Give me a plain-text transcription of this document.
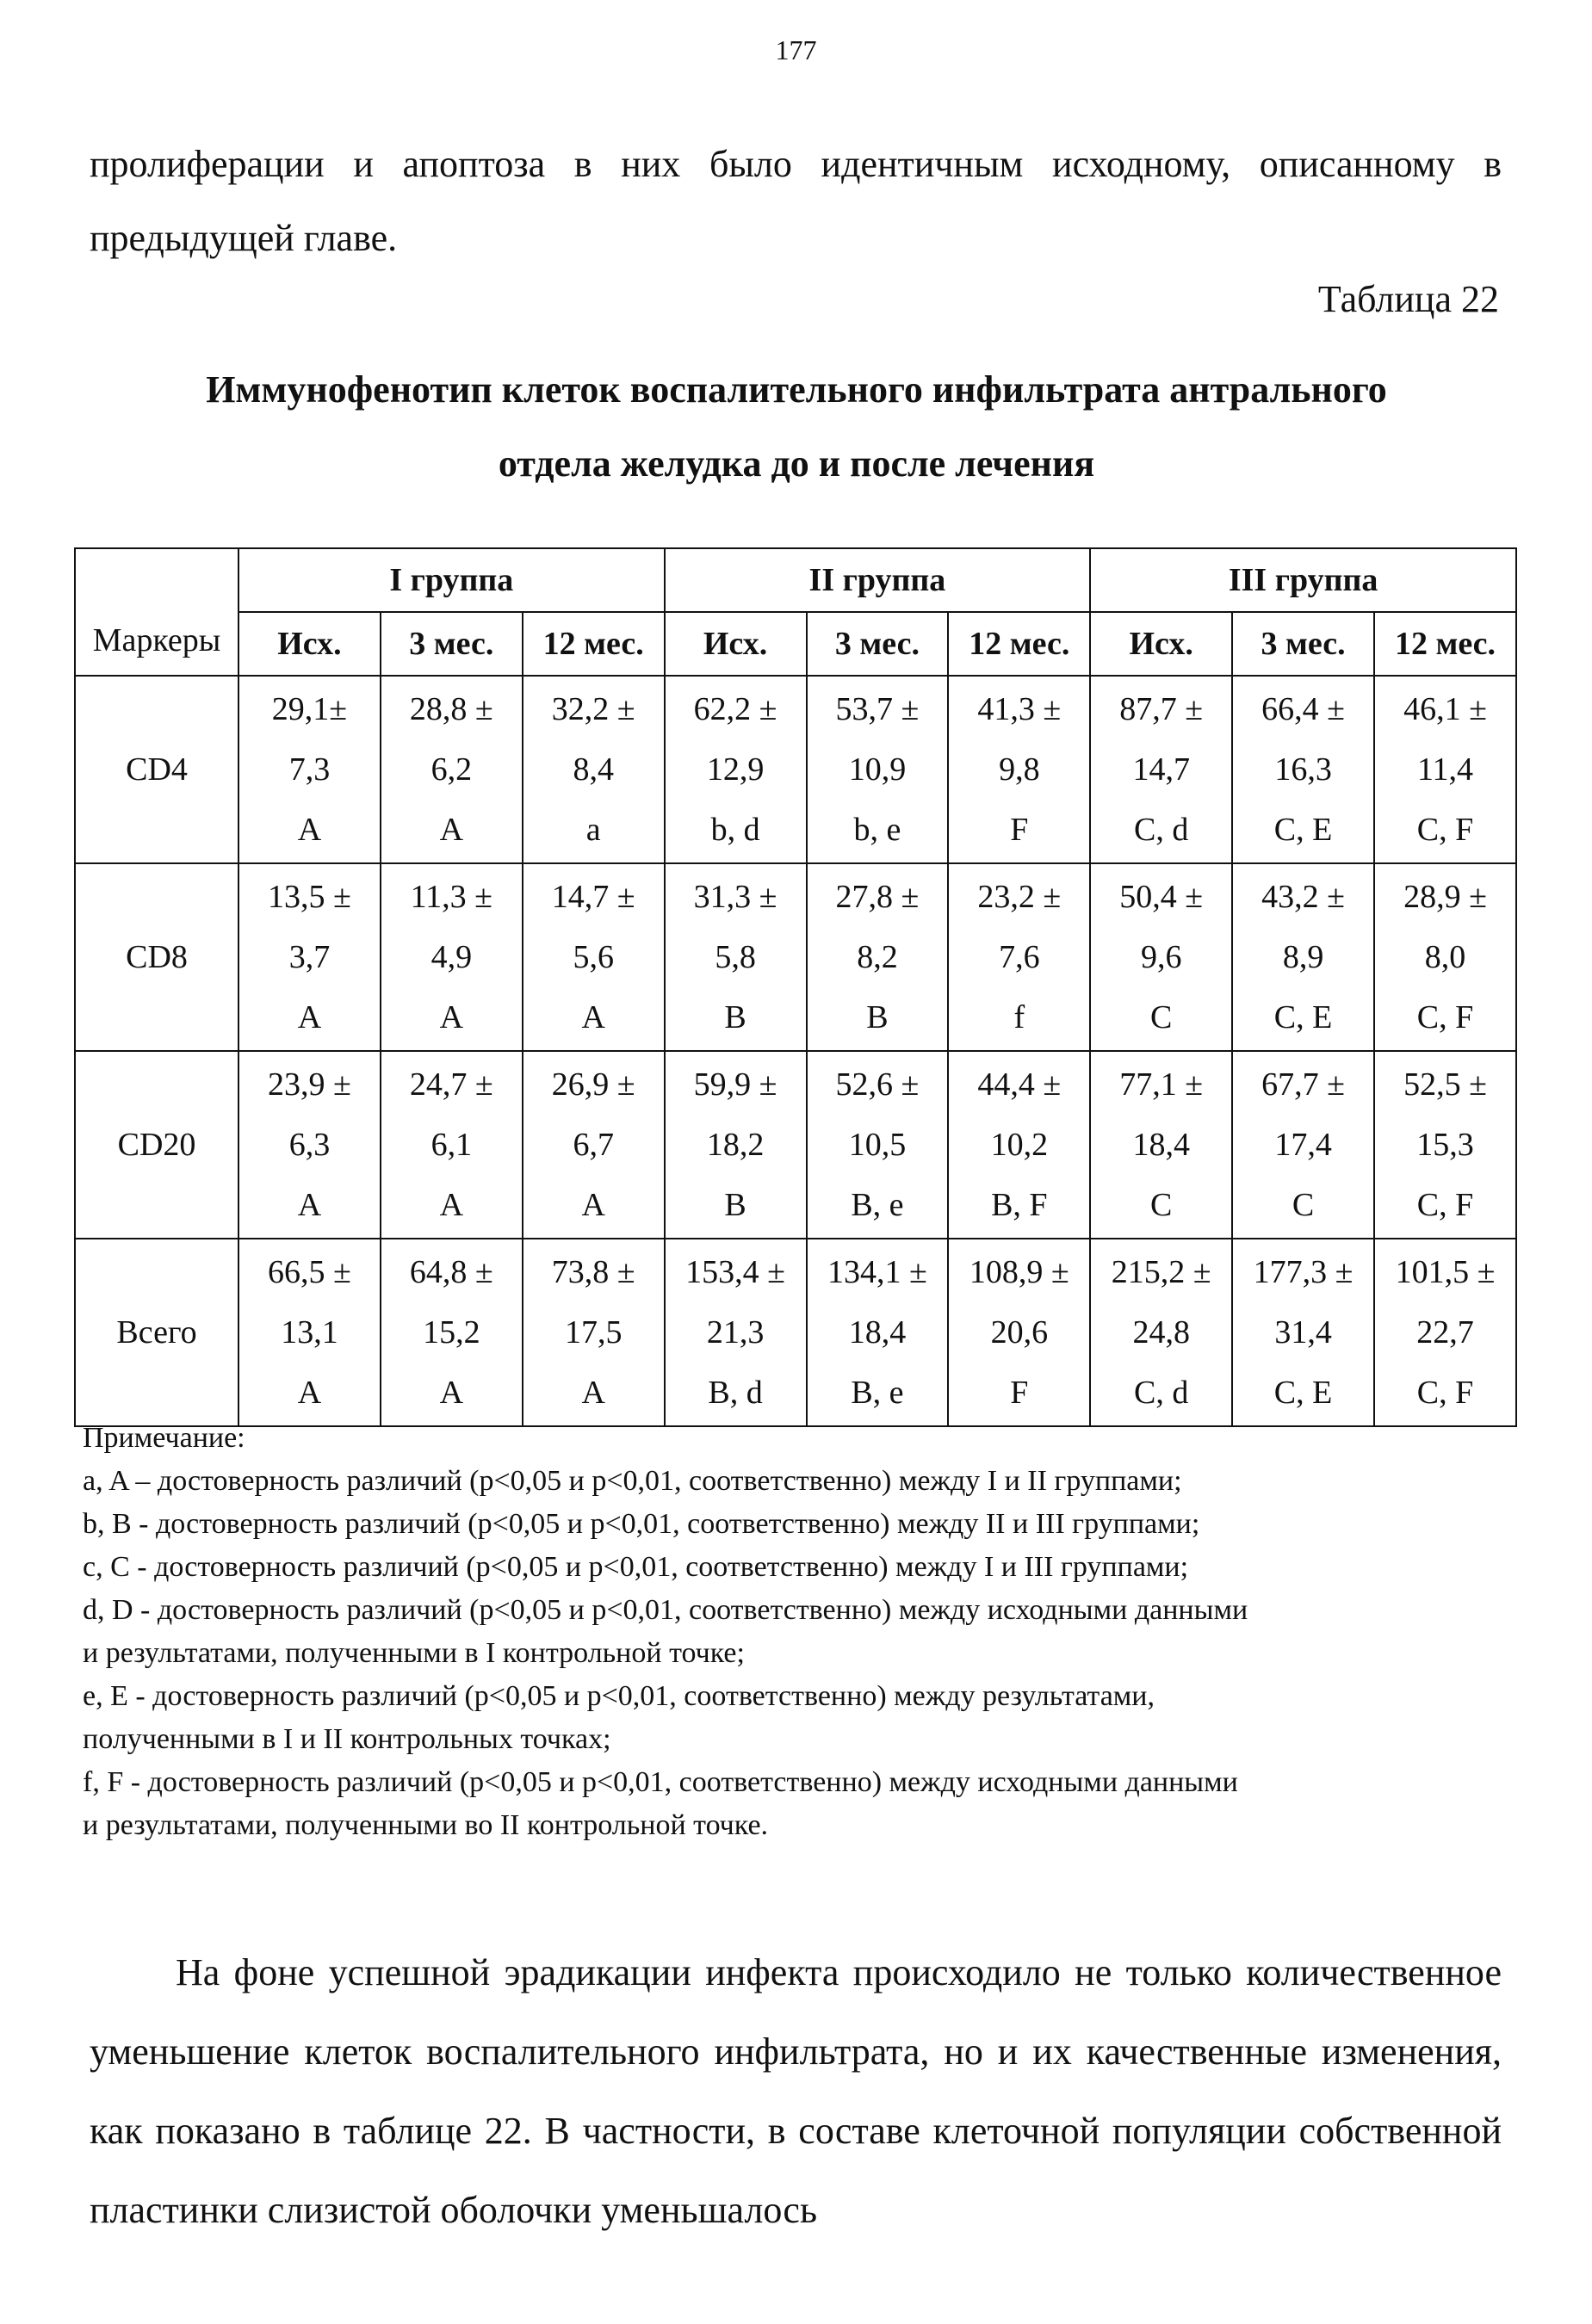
177

пролиферации и апоптоза в них было идентичным исходному, описанному в предыдущей главе.

Таблица 22

Иммунофенотип клеток воспалительного инфильтрата антрального
отдела желудка до и после лечения

Маркеры	I группа			II группа			III группа		
	Исх.	3 мес.	12 мес.	Исх.	3 мес.	12 мес.	Исх.	3 мес.	12 мес.
CD4	29,1±
7,3
A	28,8 ±
6,2
A	32,2 ±
8,4
a	62,2 ±
12,9
b, d	53,7 ±
10,9
b, e	41,3 ±
9,8
F	87,7 ±
14,7
C, d	66,4 ±
16,3
C, E	46,1 ±
11,4
C, F

CD8	13,5 ±
3,7
A	11,3 ±
4,9
A	14,7 ±
5,6
A	31,3 ±
5,8
B	27,8 ±
8,2
B	23,2 ±
7,6
f	50,4 ±
9,6
C	43,2 ±
8,9
C, E	28,9 ±
8,0
C, F

CD20	23,9 ±
6,3
A	24,7 ±
6,1
A	26,9 ±
6,7
A	59,9 ±
18,2
B	52,6 ±
10,5
B, e	44,4 ±
10,2
B, F	77,1 ±
18,4
C	67,7 ±
17,4
C	52,5 ±
15,3
C, F

Всего	66,5 ±
13,1
A	64,8 ±
15,2
A	73,8 ±
17,5
A	153,4 ±
21,3
B, d	134,1 ±
18,4
B, e	108,9 ±
20,6
F	215,2 ±
24,8
C, d	177,3 ±
31,4
C, E	101,5 ±
22,7
C, F

Примечание:

a, A – достоверность различий (p<0,05 и p<0,01, соответственно) между I и II группами;

b, B - достоверность различий (p<0,05 и p<0,01, соответственно) между II и III группами;

c, C - достоверность различий (p<0,05 и p<0,01, соответственно) между I и III группами;

d, D - достоверность различий (p<0,05 и p<0,01, соответственно) между исходными данными

и результатами, полученными в I контрольной точке;

e, E - достоверность различий (p<0,05 и p<0,01, соответственно) между результатами,

полученными в I и II контрольных точках;

f, F - достоверность различий (p<0,05 и p<0,01, соответственно) между исходными данными

и результатами, полученными во II контрольной точке.

На фоне успешной эрадикации инфекта происходило не только количественное уменьшение клеток воспалительного инфильтрата, но и их качественные изменения, как показано в таблице 22. В частности, в составе клеточной популяции собственной пластинки слизистой оболочки уменьшалось
